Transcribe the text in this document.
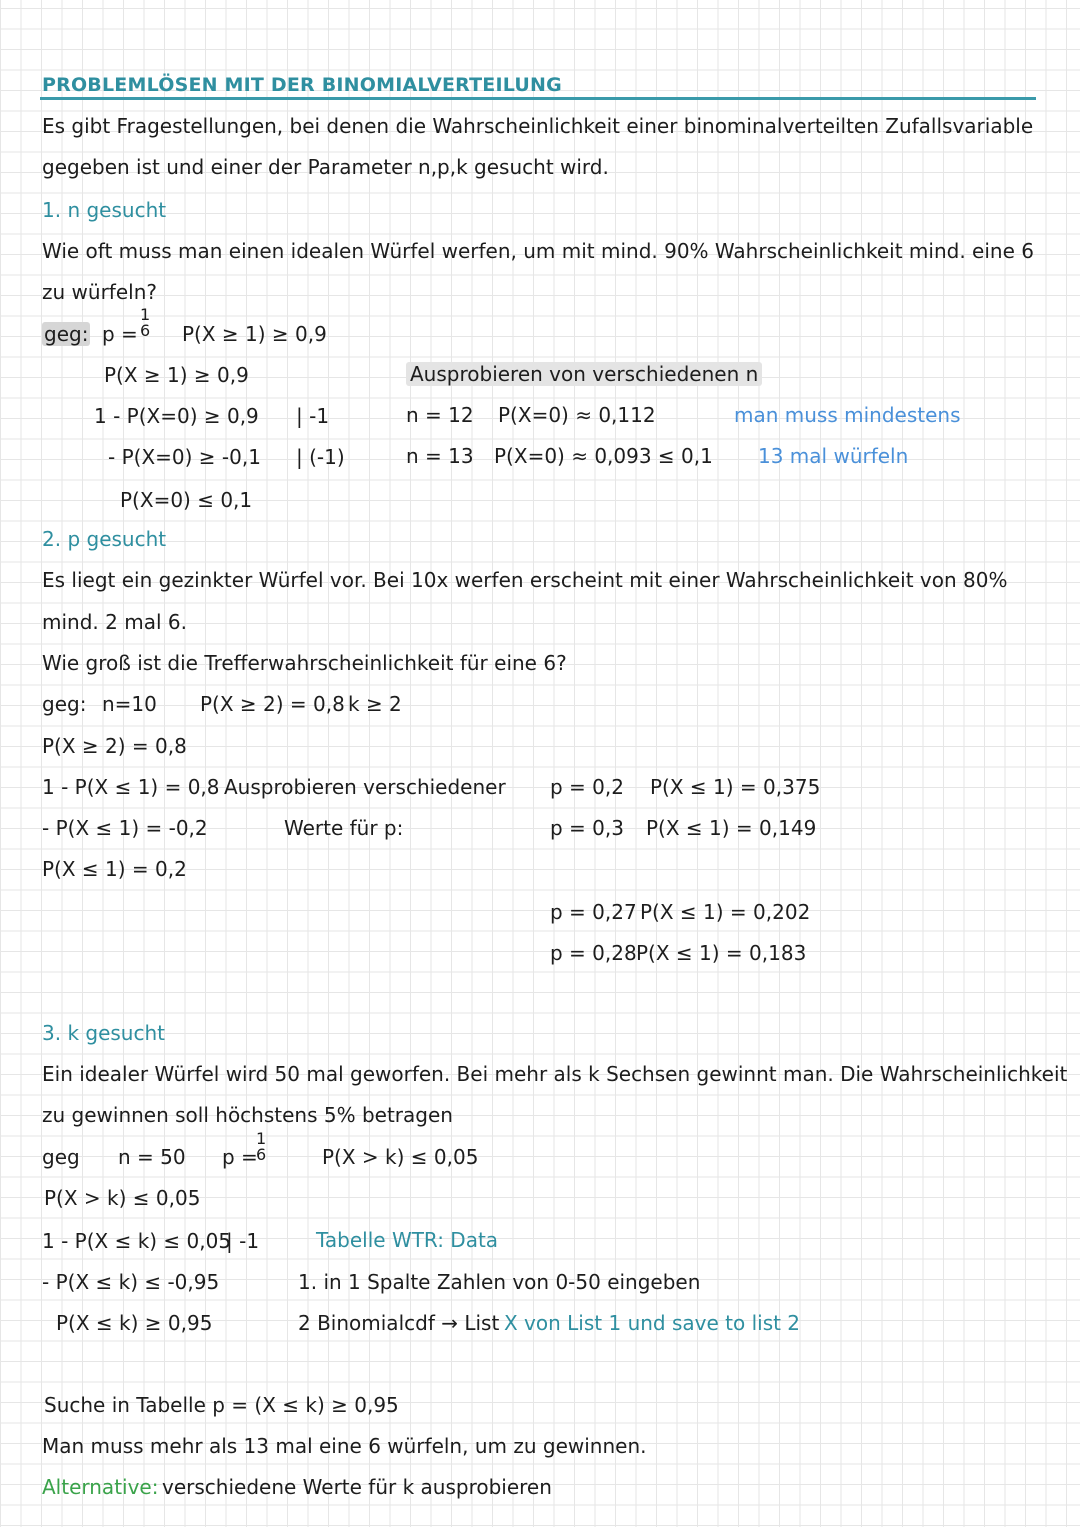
PROBLEMLÖSEN MIT DER BINOMIALVERTEILUNG
Es gibt Fragestellungen, bei denen die Wahrscheinlichkeit einer binominalverteilten Zufallsvariable
gegeben ist und einer der Parameter n,p,k gesucht wird.
1. n gesucht
Wie oft muss man einen idealen Würfel werfen, um mit mind. 90% Wahrscheinlichkeit mind. eine 6
zu würfeln?
geg: p =
1
6 P(X ≥ 1) ≥ 0,9
P(X ≥ 1) ≥ 0,9
1 - P(X=0) ≥ 0,9 | -1
- P(X=0) ≥ -0,1 | (-1)
P(X=0) ≤ 0,1
Ausprobieren von verschiedenen n
n = 12 P(X=0) ≈ 0,112
n = 13 P(X=0) ≈ 0,093 ≤ 0,1
man muss mindestens
13 mal würfeln
2. p gesucht
Es liegt ein gezinkter Würfel vor. Bei 10x werfen erscheint mit einer Wahrscheinlichkeit von 80%
mind. 2 mal 6.
Wie groß ist die Trefferwahrscheinlichkeit für eine 6?
geg: n=10 P(X ≥ 2) = 0,8 k ≥ 2
P(X ≥ 2) = 0,8
1 - P(X ≤ 1) = 0,8
- P(X ≤ 1) = -0,2
P(X ≤ 1) = 0,2
Ausprobieren verschiedener
Werte für p:
p = 0,2 P(X ≤ 1) = 0,375
p = 0,3 P(X ≤ 1) = 0,149
p = 0,27 P(X ≤ 1) = 0,202
p = 0,28 P(X ≤ 1) = 0,183
3. k gesucht
Ein idealer Würfel wird 50 mal geworfen. Bei mehr als k Sechsen gewinnt man. Die Wahrscheinlichkeit
zu gewinnen soll höchstens 5% betragen
geg n = 50 p =
1
6	P(X > k) ≤ 0,05
P(X > k) ≤ 0,05
1 - P(X ≤ k) ≤ 0,05
| -1
- P(X ≤ k) ≤ -0,95
P(X ≤ k) ≥ 0,95
Tabelle WTR: Data
1. in 1 Spalte Zahlen von 0-50 eingeben
2 Binomialcdf → List X von List 1 und save to list 2
Suche in Tabelle p = (X ≤ k) ≥ 0,95
Man muss mehr als 13 mal eine 6 würfeln, um zu gewinnen.
Alternative: verschiedene Werte für k ausprobieren
